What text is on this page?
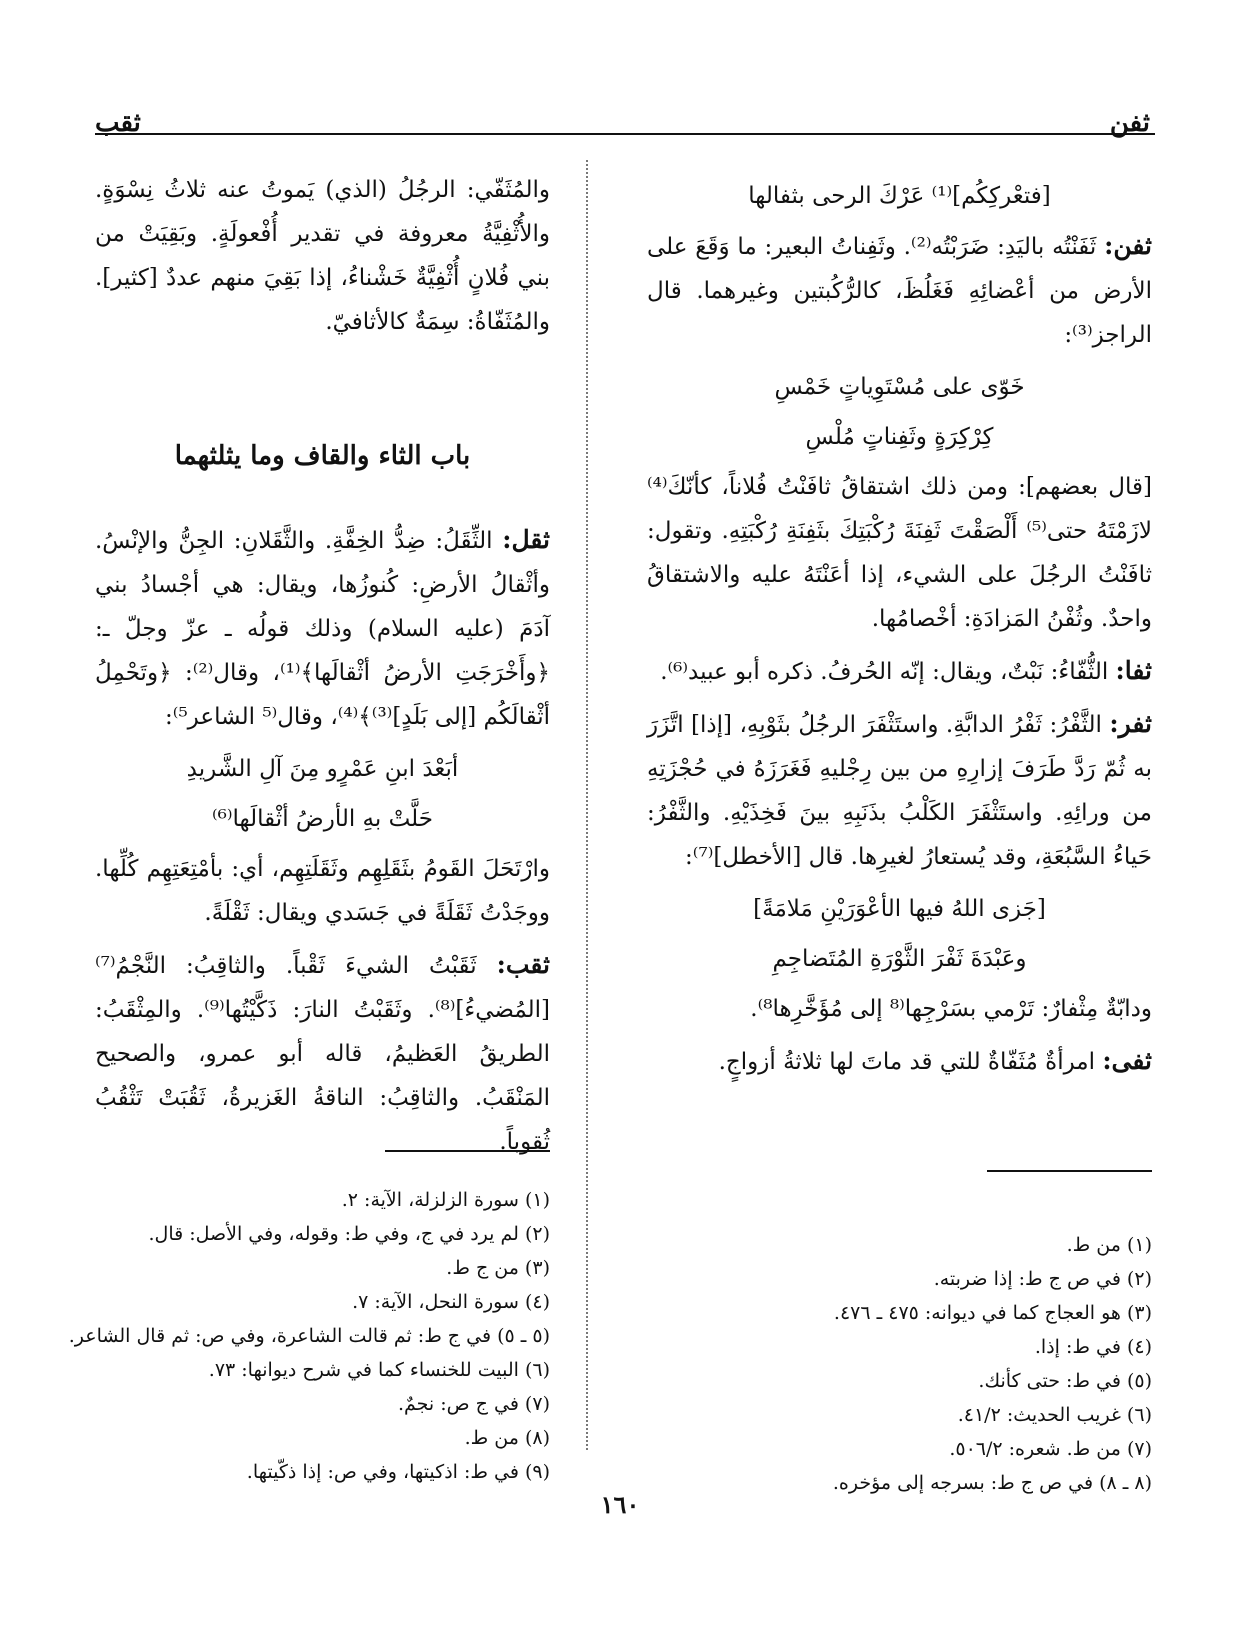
ثفن
ثقب
[فتعْركِكُم]⁽¹⁾ عَرْكَ الرحى بثفالها
ثفن: ثَفَنْتُه باليَدِ: ضَرَبْتُه⁽²⁾. وثَفِناتُ البعير: ما وَقَعَ على الأرض من أعْضائِهِ فَغَلُظَ، كالرُّكُبتين وغيرهما. قال الراجز⁽³⁾:
خَوّى على مُسْتَوِياتٍ خَمْسِ
كِرْكِرَةٍ وثَفِناتٍ مُلْسِ
[قال بعضهم]: ومن ذلك اشتقاقُ ثافَنْتُ فُلاناً، كأنّكَ⁽⁴⁾ لازَمْتَهُ حتى⁽⁵⁾ أَلْصَقْتَ ثَفِنَةَ رُكْبَتِكَ بثَفِنَةِ رُكْبَتِهِ. وتقول: ثافَنْتُ الرجُلَ على الشيء، إذا أعَنْتَهُ عليه والاشتقاقُ واحدٌ. وثُفْنُ المَزادَةِ: أخْصامُها.
ثفا: الثُّفّاءُ: نَبْتٌ، ويقال: إنّه الحُرفُ. ذكره أبو عبيد⁽⁶⁾.
ثفر: الثَّفْرُ: ثَفْرُ الدابَّةِ. واستَثْفَرَ الرجُلُ بثَوْبِهِ، [إذا] اتَّزَرَ به ثُمّ رَدَّ طَرَفَ إزارِهِ من بين رِجْليهِ فَغَرَزَهُ في حُجْزَتِهِ من ورائِهِ. واستَثْفَرَ الكَلْبُ بذَنَبِهِ بينَ فَخِذَيْهِ. والثَّفْرُ: حَياءُ السَّبُعَةِ، وقد يُستعارُ لغيرِها. قال [الأخطل]⁽⁷⁾:
[جَزى اللهُ فيها الأعْوَرَيْنِ مَلامَةً]
وعَبْدَةَ ثَفْرَ الثَّوْرَةِ المُتَضاجِمِ
ودابّةٌ مِثْفارٌ: تَرْمي بسَرْجِها⁽⁸ إلى مُؤَخَّرِها⁸⁾.
ثفى: امرأةٌ مُثَفّاةٌ للتي قد ماتَ لها ثلاثةُ أزواجٍ.
والمُثَفّي: الرجُلُ (الذي) يَموتُ عنه ثلاثُ نِسْوَةٍ. والأُثْفِيَّةُ معروفة في تقدير أُفْعولَةٍ. وبَقِيَتْ من بني فُلانٍ أُثْفِيَّةٌ خَشْناءُ، إذا بَقِيَ منهم عددٌ [كثير]. والمُثَفّاةُ: سِمَةٌ كالأثافيّ.
باب الثاء والقاف وما يثلثهما
ثقل: الثِّقَلُ: ضِدُّ الخِفَّةِ. والثَّقَلانِ: الجِنُّ والإنْسُ. وأثْقالُ الأرضِ: كُنوزُها، ويقال: هي أجْسادُ بني آدَمَ (عليه السلام) وذلك قولُه ـ عزّ وجلّ ـ: ﴿وأَخْرَجَتِ الأرضُ أثْقالَها﴾⁽¹⁾، وقال⁽²⁾: ﴿وتَحْمِلُ أثْقالَكُم [إلى بَلَدٍ]⁽³⁾﴾⁽⁴⁾، وقال⁽⁵ الشاعر⁵⁾:
أبَعْدَ ابنِ عَمْرٍو مِنَ آلِ الشَّريدِ
حَلَّتْ بهِ الأرضُ أثْقالَها⁽⁶⁾
وارْتَحَلَ القَومُ بثَقَلِهِم وثَقَلَتِهِم، أي: بأمْتِعَتِهِم كُلِّها. ووجَدْتُ ثَقَلَةً في جَسَدي ويقال: ثَقْلَةً.
ثقب: ثَقَبْتُ الشيءَ ثَقْباً. والثاقِبُ: النَّجْمُ⁽⁷⁾ [المُضيءُ]⁽⁸⁾. وثَقَبْتُ النارَ: ذَكَّيْتُها⁽⁹⁾. والمِثْقَبُ: الطريقُ العَظيمُ، قاله أبو عمرو، والصحيح المَنْقَبُ. والثاقِبُ: الناقةُ الغَزيرةُ، ثَقُبَتْ تَثْقُبُ ثُقوباً.
(١) من ط.
(٢) في ص ج ط: إذا ضربته.
(٣) هو العجاج كما في ديوانه: ٤٧٥ ـ ٤٧٦.
(٤) في ط: إذا.
(٥) في ط: حتى كأنك.
(٦) غريب الحديث: ٤١/٢.
(٧) من ط. شعره: ٥٠٦/٢.
(٨ ـ ٨) في ص ج ط: بسرجه إلى مؤخره.
(١) سورة الزلزلة، الآية: ٢.
(٢) لم يرد في ج، وفي ط: وقوله، وفي الأصل: قال.
(٣) من ج ط.
(٤) سورة النحل، الآية: ٧.
(٥ ـ ٥) في ج ط: ثم قالت الشاعرة، وفي ص: ثم قال الشاعر.
(٦) البيت للخنساء كما في شرح ديوانها: ٧٣.
(٧) في ج ص: نجمٌ.
(٨) من ط.
(٩) في ط: اذكيتها، وفي ص: إذا ذكّيتها.
١٦٠
